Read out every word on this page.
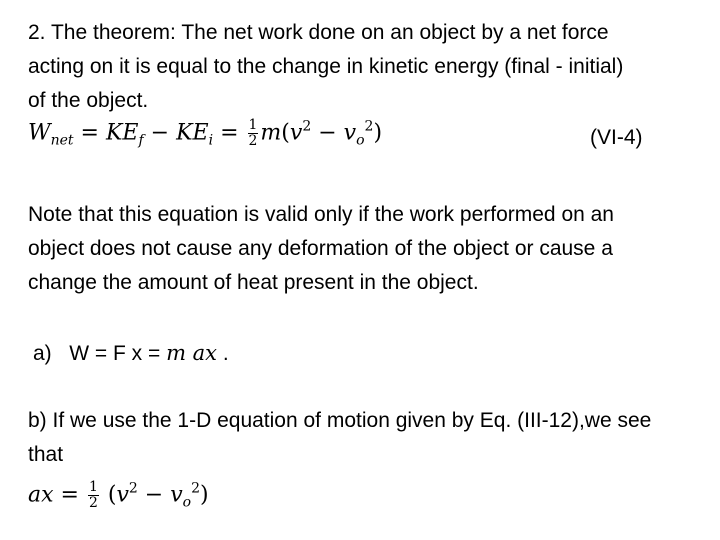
2. The theorem: The net work done on an object by a net force
acting on it is equal to the change in kinetic energy (final - initial)
of the object.

$W_{net} = KE_f - KE_i = \frac{1}{2} m(v^2 - v_o^2)$	(VI-4)

Note that this equation is valid only if the work performed on an
object does not cause any deformation of the object or cause a
change the amount of heat present in the object.

a) W = F x = m ax .

b) If we use the 1-D equation of motion given by Eq. (III-12),we see
that

ax = $\frac{1}{2} (v^2 - v_o^2)$
